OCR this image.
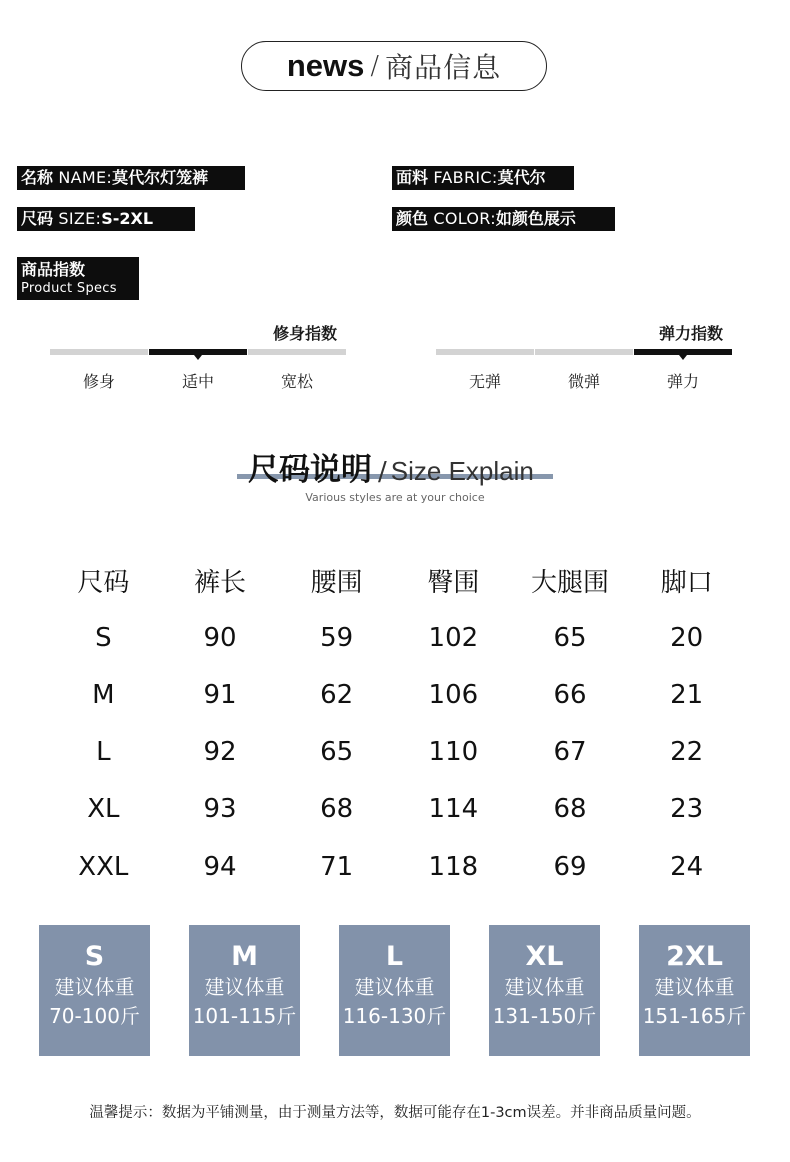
news / 商品信息
名称 NAME:莫代尔灯笼裤	面料 FABRIC:莫代尔
尺码 SIZE:S-2XL	颜色 COLOR:如颜色展示
商品指数
Product Specs
修身指数
修身	适中	宽松
弹力指数
无弹	微弹	弹力
尺码说明 / Size Explain
Various styles are at your choice
尺码	裤长	腰围	臀围	大腿围	脚口
S	90	59	102	65	20
M	91	62	106	66	21
L	92	65	110	67	22
XL	93	68	114	68	23
XXL	94	71	118	69	24
S
建议体重
70-100斤
M
建议体重
101-115斤
L
建议体重
116-130斤
XL
建议体重
131-150斤
2XL
建议体重
151-165斤
温馨提示：数据为平铺测量，由于测量方法等，数据可能存在1-3cm误差。并非商品质量问题。
